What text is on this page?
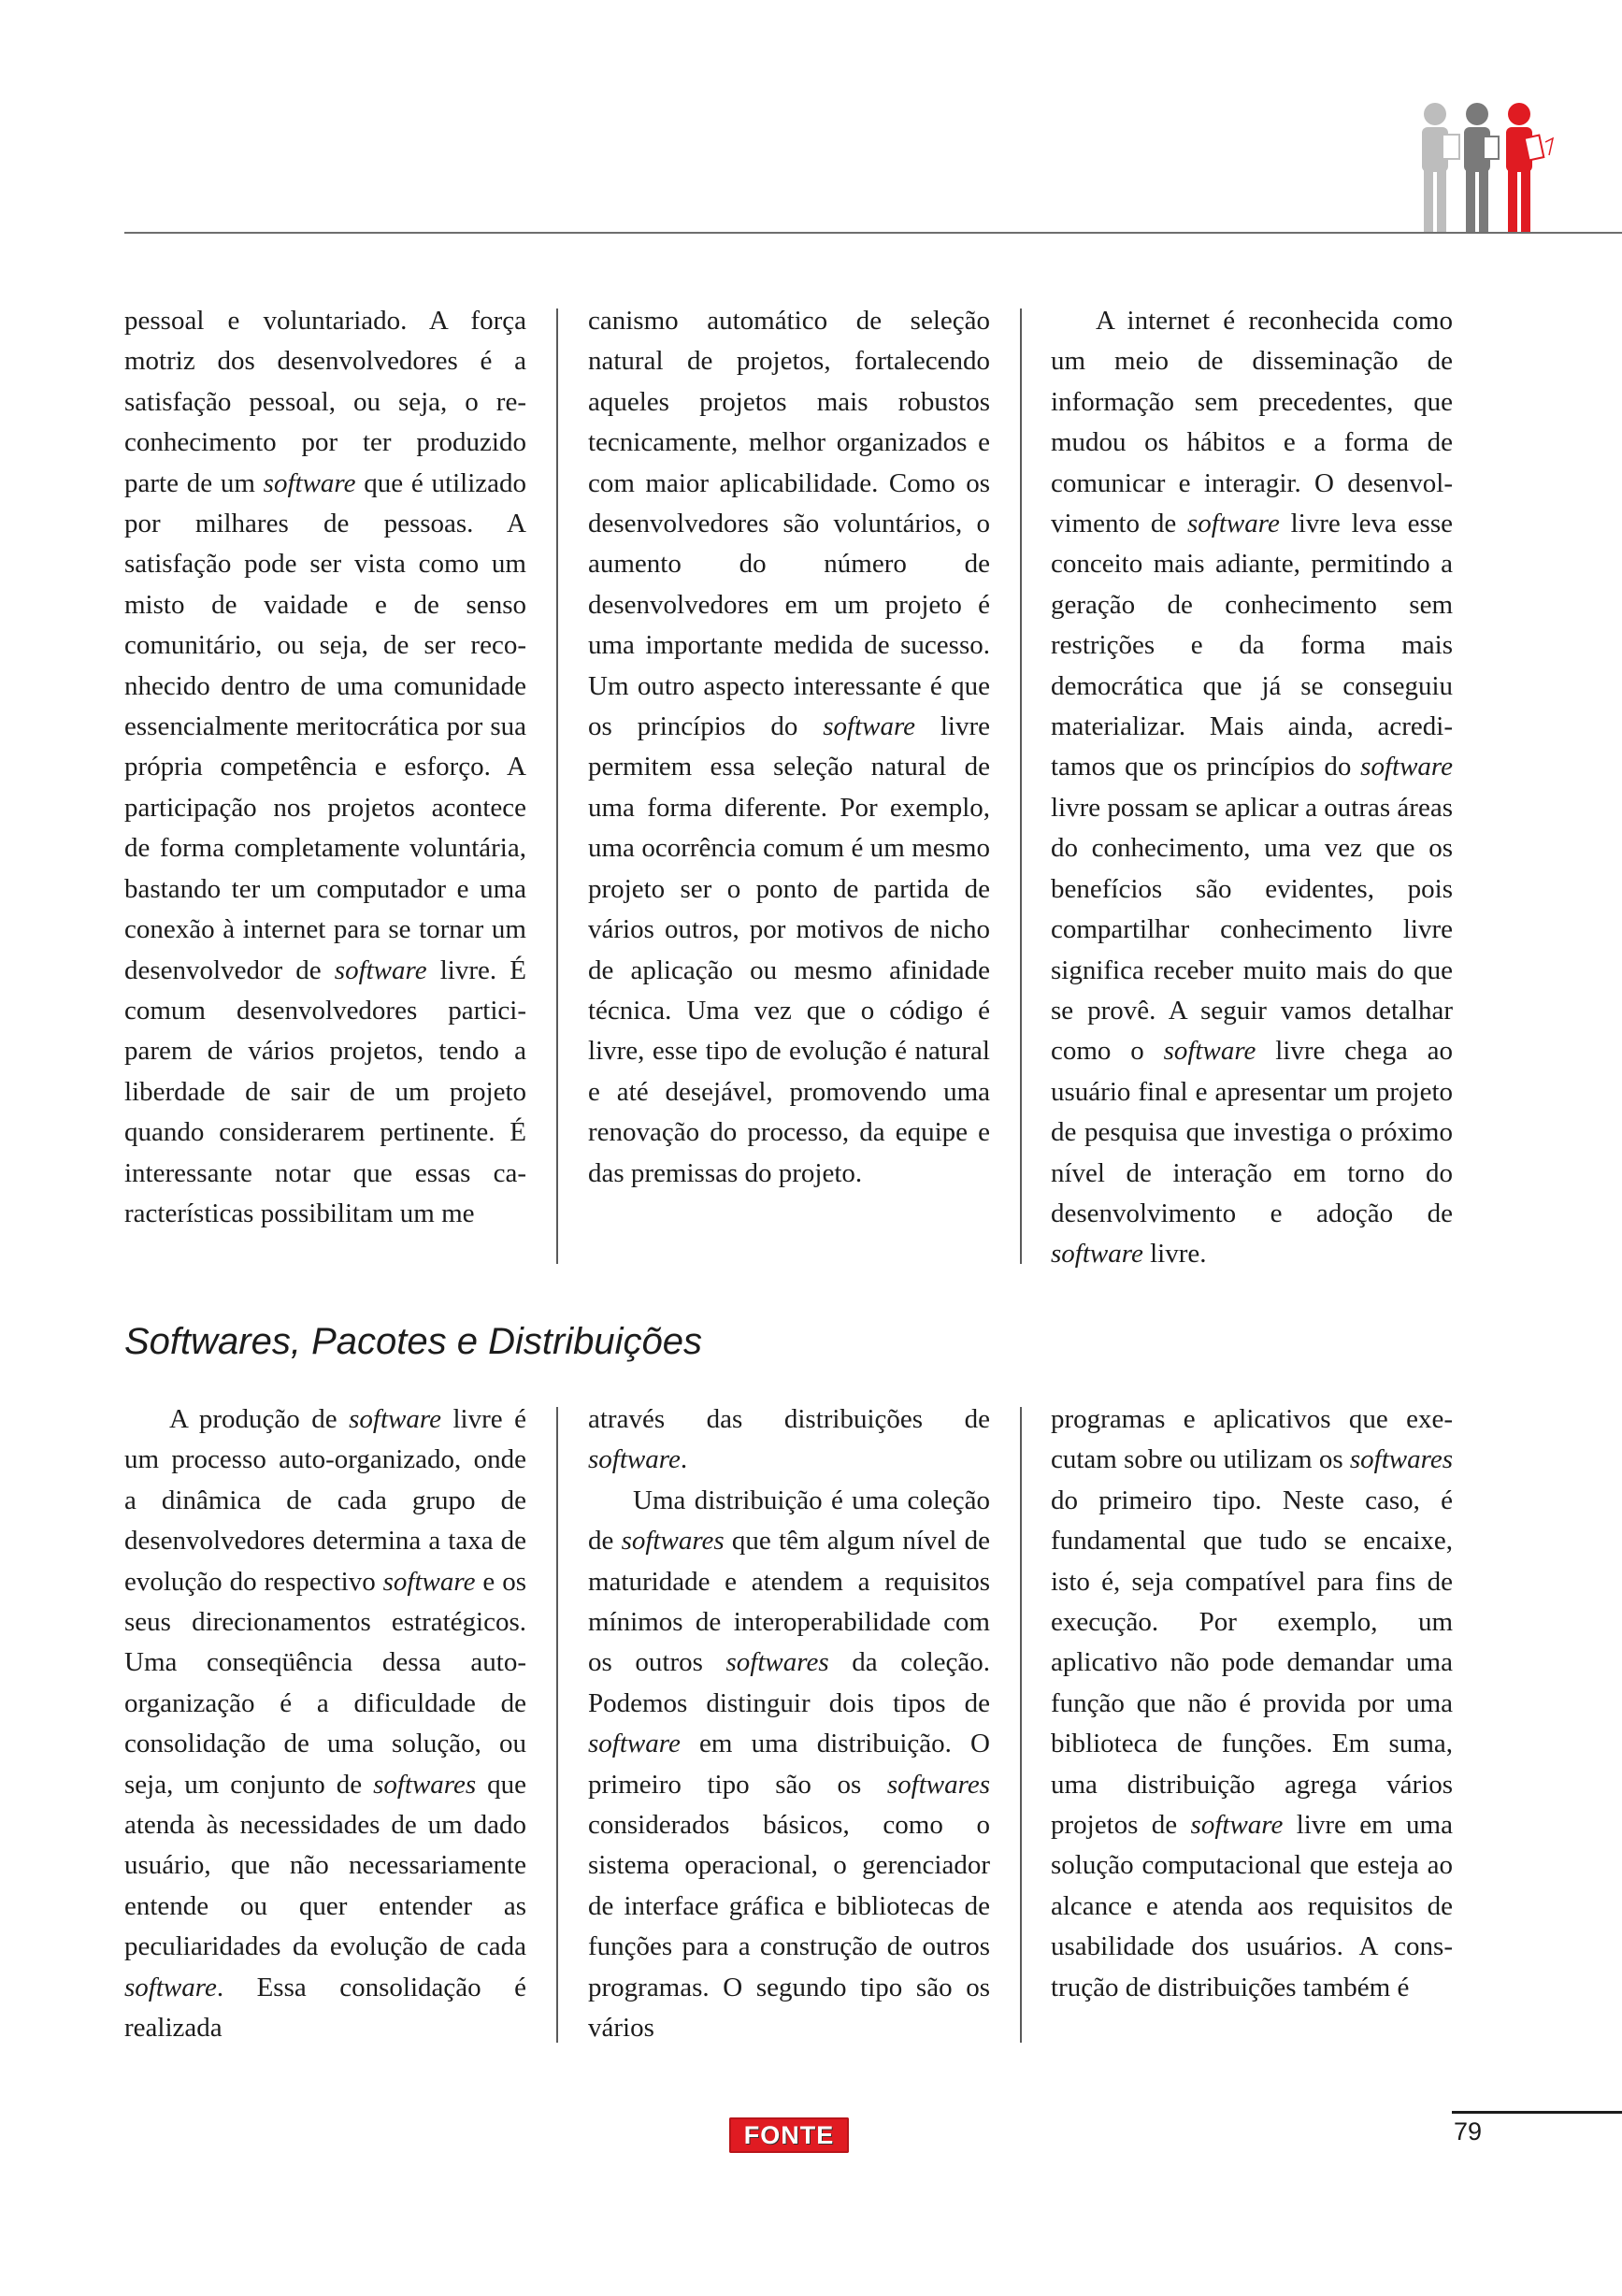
pessoal e voluntariado. A força motriz dos desenvolvedores é a satisfação pessoal, ou seja, o reconhecimento por ter produzido parte de um software que é utilizado por milhares de pessoas. A satisfação pode ser vista como um misto de vaidade e de senso comunitário, ou seja, de ser reconhecido dentro de uma comunidade essencialmente meritocrática por sua própria competência e esforço. A participação nos projetos acontece de forma completamente voluntária, bastando ter um computador e uma conexão à internet para se tornar um desenvolvedor de software livre. É comum desenvolvedores participarem de vários projetos, tendo a liberdade de sair de um projeto quando considerarem pertinente. É interessante notar que essas características possibilitam um me

canismo automático de seleção natural de projetos, fortalecendo aqueles projetos mais robustos tecnicamente, melhor organizados e com maior aplicabilidade. Como os desenvolvedores são voluntários, o aumento do número de desenvolvedores em um projeto é uma importante medida de sucesso. Um outro aspecto interessante é que os princípios do software livre permitem essa seleção natural de uma forma diferente. Por exemplo, uma ocorrência comum é um mesmo projeto ser o ponto de partida de vários outros, por motivos de nicho de aplicação ou mesmo afinidade técnica. Uma vez que o código é livre, esse tipo de evolução é natural e até desejável, promovendo uma renovação do processo, da equipe e das premissas do projeto.

A internet é reconhecida como um meio de disseminação de informação sem precedentes, que mudou os hábitos e a forma de comunicar e interagir. O desenvolvimento de software livre leva esse conceito mais adiante, permitindo a geração de conhecimento sem restrições e da forma mais democrática que já se conseguiu materializar. Mais ainda, acreditamos que os princípios do software livre possam se aplicar a outras áreas do conhecimento, uma vez que os benefícios são evidentes, pois compartilhar conhecimento livre significa receber muito mais do que se provê. A seguir vamos detalhar como o software livre chega ao usuário final e apresentar um projeto de pesquisa que investiga o próximo nível de interação em torno do desenvolvimento e adoção de software livre.

Softwares, Pacotes e Distribuições

A produção de software livre é um processo auto-organizado, onde a dinâmica de cada grupo de desenvolvedores determina a taxa de evolução do respectivo software e os seus direcionamentos estratégicos. Uma conseqüência dessa auto-organização é a dificuldade de consolidação de uma solução, ou seja, um conjunto de softwares que atenda às necessidades de um dado usuário, que não necessariamente entende ou quer entender as peculiaridades da evolução de cada software. Essa consolidação é realizada

através das distribuições de software.

Uma distribuição é uma coleção de softwares que têm algum nível de maturidade e atendem a requisitos mínimos de interoperabilidade com os outros softwares da coleção. Podemos distinguir dois tipos de software em uma distribuição. O primeiro tipo são os softwares considerados básicos, como o sistema operacional, o gerenciador de interface gráfica e bibliotecas de funções para a construção de outros programas. O segundo tipo são os vários

programas e aplicativos que executam sobre ou utilizam os softwares do primeiro tipo. Neste caso, é fundamental que tudo se encaixe, isto é, seja compatível para fins de execução. Por exemplo, um aplicativo não pode demandar uma função que não é provida por uma biblioteca de funções. Em suma, uma distribuição agrega vários projetos de software livre em uma solução computacional que esteja ao alcance e atenda aos requisitos de usabilidade dos usuários. A construção de distribuições também é

FONTE	79
